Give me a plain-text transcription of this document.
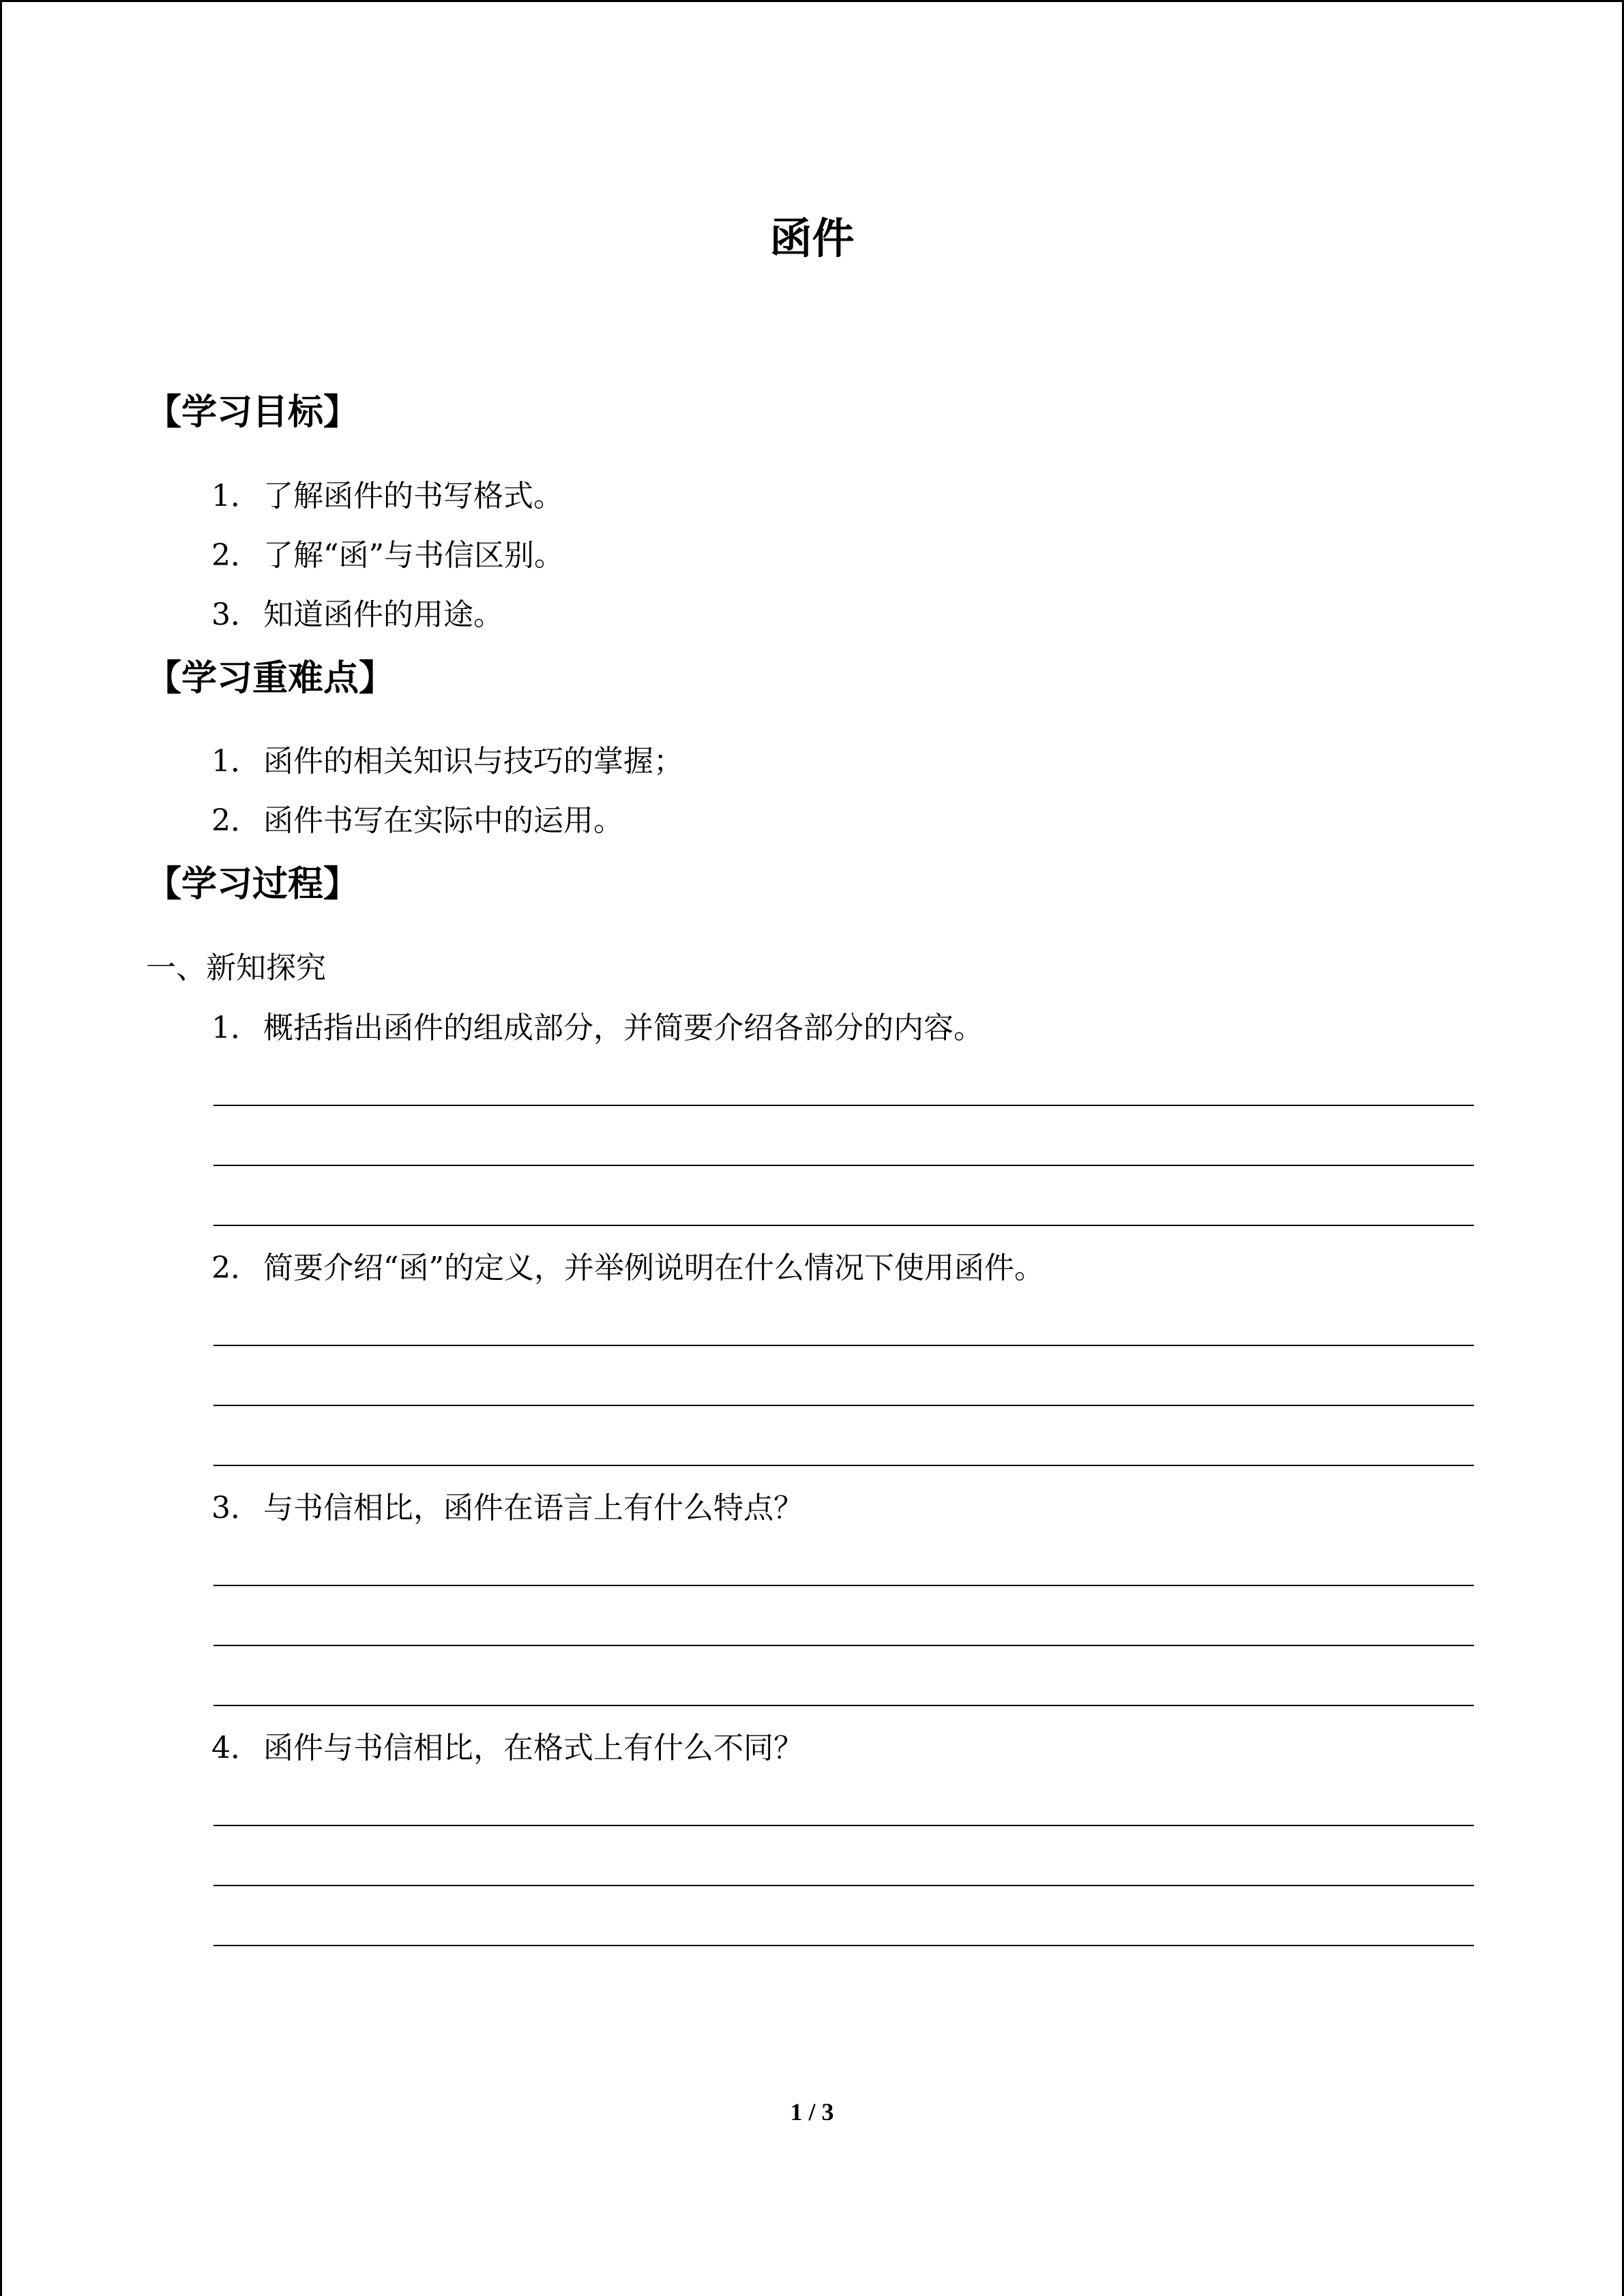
函件
【学习目标】
1．了解函件的书写格式。
2．了解“函”与书信区别。
3．知道函件的用途。
【学习重难点】
1．函件的相关知识与技巧的掌握；
2．函件书写在实际中的运用。
【学习过程】
一、新知探究
1．概括指出函件的组成部分，并简要介绍各部分的内容。
2．简要介绍“函”的定义，并举例说明在什么情况下使用函件。
3．与书信相比，函件在语言上有什么特点？
4．函件与书信相比，在格式上有什么不同？
1 / 3
